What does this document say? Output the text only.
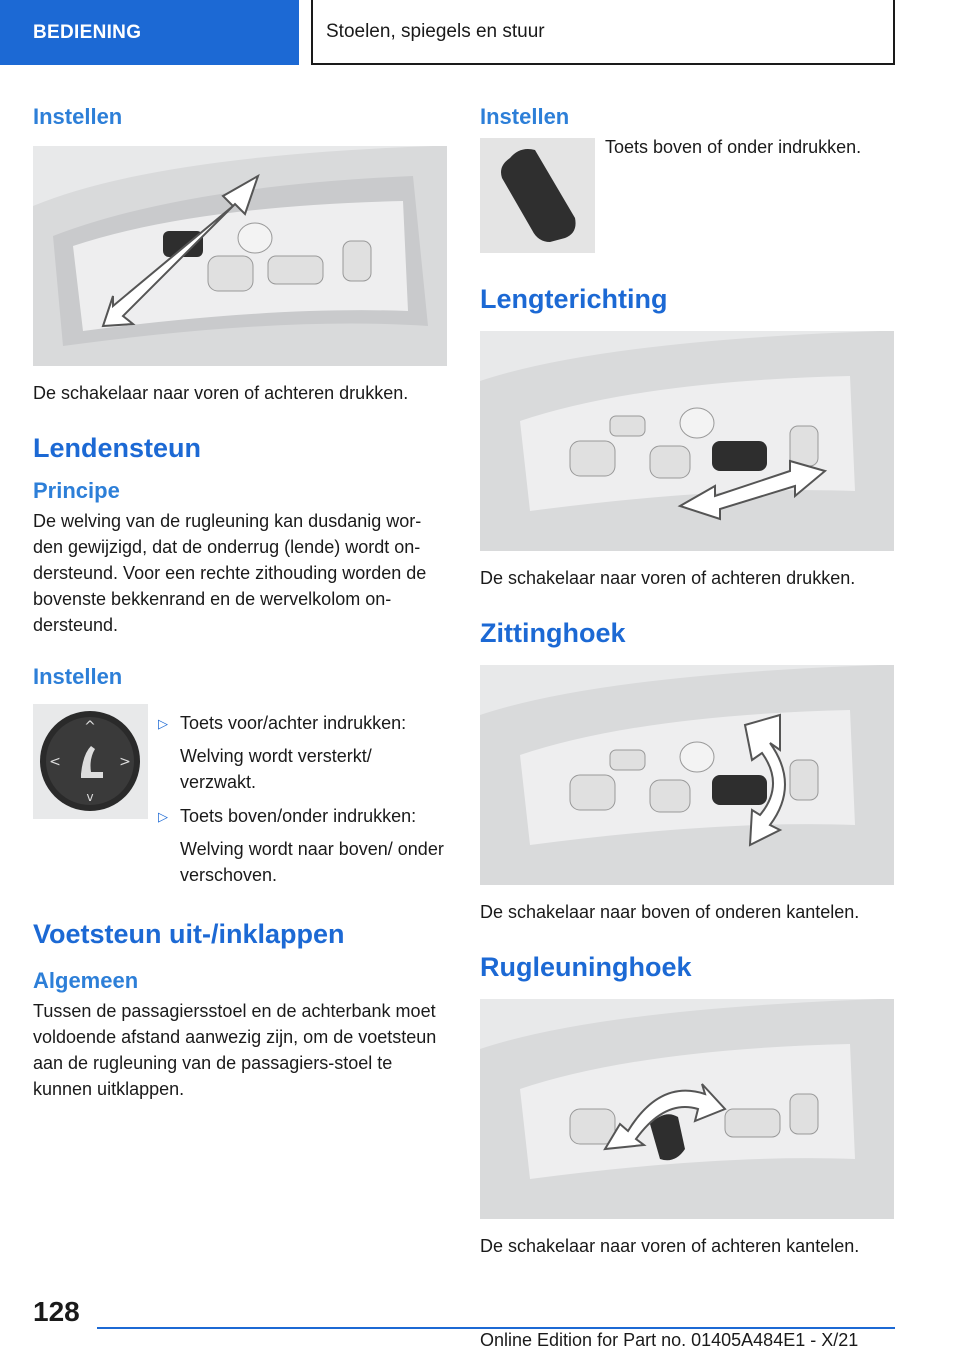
BEDIENING	Stoelen, spiegels en stuur
Instellen

De schakelaar naar voren of achteren drukken.

Lendensteun
Principe

De welving van de rugleuning kan dusdanig wor-den gewijzigd, dat de onderrug (lende) wordt on-dersteund. Voor een rechte zithouding worden de bovenste bekkenrand en de wervelkolom on-dersteund.

Instellen
^
v
<	>
▷ Toets voor/achter indrukken:
Welving wordt versterkt/ verzwakt.
▷ Toets boven/onder indrukken:
Welving wordt naar boven/ onder verschoven.
Voetsteun uit-/inklappen
Algemeen

Tussen de passagiersstoel en de achterbank moet voldoende afstand aanwezig zijn, om de voetsteun aan de rugleuning van de passagiers-stoel te kunnen uitklappen.

Instellen

Toets boven of onder indrukken.

Lengterichting

De schakelaar naar voren of achteren drukken.

Zittinghoek

De schakelaar naar boven of onderen kantelen.

Rugleuninghoek

De schakelaar naar voren of achteren kantelen.

128
Online Edition for Part no. 01405A484E1 - X/21
